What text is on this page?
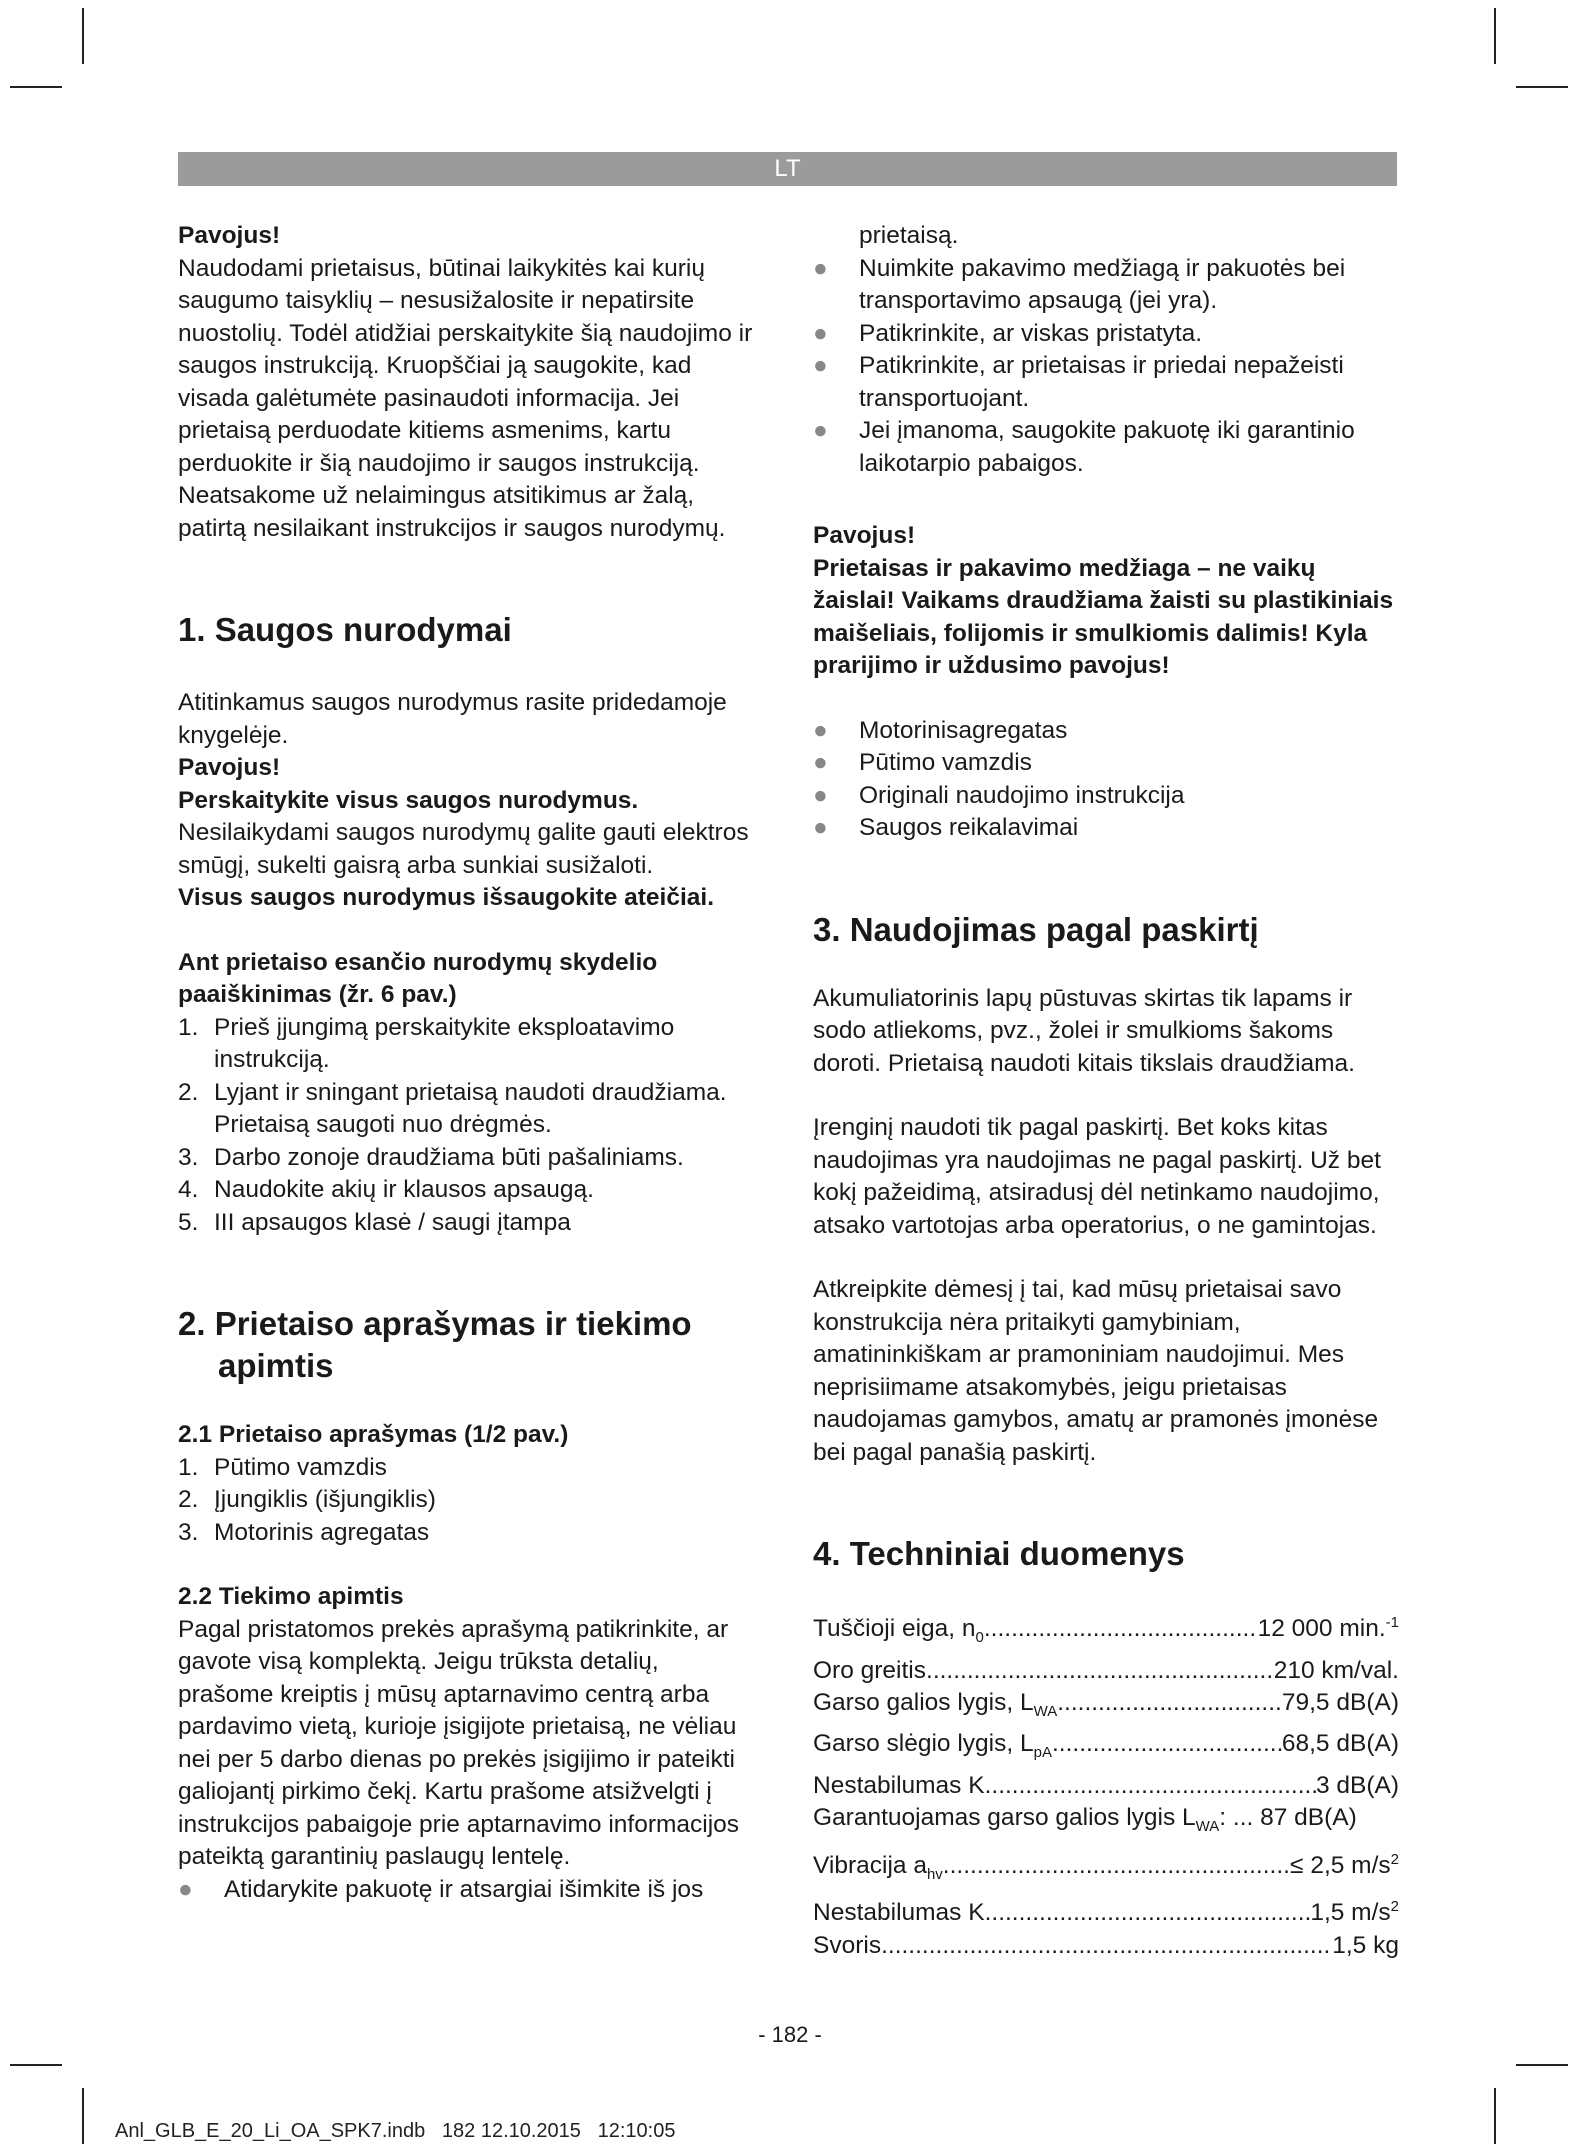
LT

Pavojus!

Naudodami prietaisus, būtinai laikykitės kai kurių saugumo taisyklių – nesusižalosite ir nepatirsite nuostolių. Todėl atidžiai perskaitykite šią naudojimo ir saugos instrukciją. Kruopščiai ją saugokite, kad visada galėtumėte pasinaudoti informacija. Jei prietaisą perduodate kitiems asmenims, kartu perduokite ir šią naudojimo ir saugos instrukciją. Neatsakome už nelaimingus atsitikimus ar žalą, patirtą nesilaikant instrukcijos ir saugos nurodymų.

1. Saugos nurodymai

Atitinkamus saugos nurodymus rasite pridedamoje knygelėje.

Pavojus!

Perskaitykite visus saugos nurodymus. Nesilaikydami saugos nurodymų galite gauti elektros smūgį, sukelti gaisrą arba sunkiai susižaloti.

Visus saugos nurodymus išsaugokite ateičiai.

Ant prietaiso esančio nurodymų skydelio paaiškinimas (žr. 6 pav.)

1. Prieš įjungimą perskaitykite eksploatavimo instrukciją.
2. Lyjant ir sningant prietaisą naudoti draudžiama. Prietaisą saugoti nuo drėgmės.
3. Darbo zonoje draudžiama būti pašaliniams.
4. Naudokite akių ir klausos apsaugą.
5. III apsaugos klasė / saugi įtampa

2. Prietaiso aprašymas ir tiekimo
apimtis

2.1 Prietaiso aprašymas (1/2 pav.)

1. Pūtimo vamzdis
2. Įjungiklis (išjungiklis)
3. Motorinis agregatas

2.2 Tiekimo apimtis

Pagal pristatomos prekės aprašymą patikrinkite, ar gavote visą komplektą. Jeigu trūksta detalių, prašome kreiptis į mūsų aptarnavimo centrą arba pardavimo vietą, kurioje įsigijote prietaisą, ne vėliau nei per 5 darbo dienas po prekės įsigijimo ir pateikti galiojantį pirkimo čekį. Kartu prašome atsižvelgti į instrukcijos pabaigoje prie aptarnavimo informacijos pateiktą garantinių paslaugų lentelę.

●	Atidarykite pakuotę ir atsargiai išimkite iš jos

prietaisą.

●	Nuimkite pakavimo medžiagą ir pakuotės bei transportavimo apsaugą (jei yra).
●	Patikrinkite, ar viskas pristatyta.
●	Patikrinkite, ar prietaisas ir priedai nepažeisti transportuojant.
●	Jei įmanoma, saugokite pakuotę iki garantinio laikotarpio pabaigos.

Pavojus!

Prietaisas ir pakavimo medžiaga – ne vaikų žaislai! Vaikams draudžiama žaisti su plastikiniais maišeliais, folijomis ir smulkiomis dalimis! Kyla prarijimo ir uždusimo pavojus!

●	Motorinisagregatas
●	Pūtimo vamzdis
●	Originali naudojimo instrukcija
●	Saugos reikalavimai

3. Naudojimas pagal paskirtį

Akumuliatorinis lapų pūstuvas skirtas tik lapams ir sodo atliekoms, pvz., žolei ir smulkioms šakoms doroti. Prietaisą naudoti kitais tikslais draudžiama.

Įrenginį naudoti tik pagal paskirtį. Bet koks kitas naudojimas yra naudojimas ne pagal paskirtį. Už bet kokį pažeidimą, atsiradusį dėl netinkamo naudojimo, atsako vartotojas arba operatorius, o ne gamintojas.

Atkreipkite dėmesį į tai, kad mūsų prietaisai savo konstrukcija nėra pritaikyti gamybiniam, amatininkiškam ar pramoniniam naudojimui. Mes neprisiimame atsakomybės, jeigu prietaisas naudojamas gamybos, amatų ar pramonės įmonėse bei pagal panašią paskirtį.

4. Techniniai duomenys

Tuščioji eiga, $n_0$ .....	12 000 min.$^{-1}$
Oro greitis .....	210 km/val.
Garso galios lygis, $L_{WA}$ .....	79,5 dB(A)
Garso slėgio lygis, $L_{pA}$ .....	68,5 dB(A)
Nestabilumas K .....	3 dB(A)
Garantuojamas garso galios lygis $L_{WA}$ : ... 87 dB(A)
Vibracija $a_{hv}$ .....	≤ 2,5 $m/s^2$
Nestabilumas K .....	1,5 $m/s^2$
Svoris .....	1,5 kg
- 182 -
Anl_GLB_E_20_Li_OA_SPK7.indb   182 12.10.2015   12:10:05
